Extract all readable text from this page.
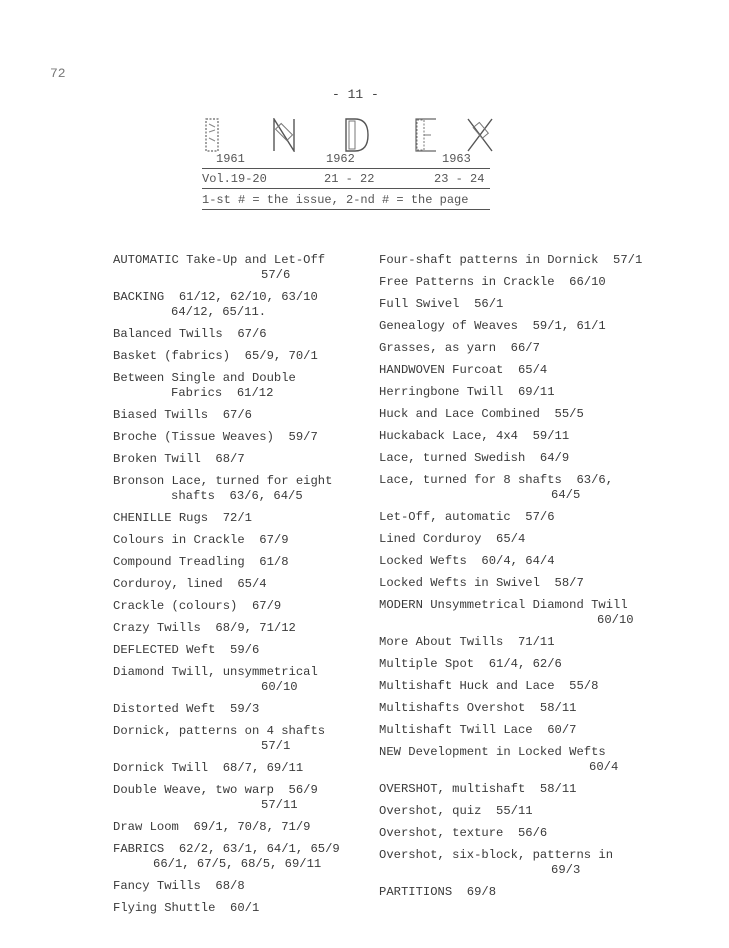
72
- 11 -
1961	1962	1963
Vol.19-20	21 - 22	23 - 24
1-st # = the issue, 2-nd # = the page
AUTOMATIC Take-Up and Let-Off
57/6
BACKING  61/12, 62/10, 63/10
64/12, 65/11.
Balanced Twills  67/6
Basket (fabrics)  65/9, 70/1
Between Single and Double
Fabrics  61/12
Biased Twills  67/6
Broche (Tissue Weaves)  59/7
Broken Twill  68/7
Bronson Lace, turned for eight
shafts  63/6, 64/5
CHENILLE Rugs  72/1
Colours in Crackle  67/9
Compound Treadling  61/8
Corduroy, lined  65/4
Crackle (colours)  67/9
Crazy Twills  68/9, 71/12
DEFLECTED Weft  59/6
Diamond Twill, unsymmetrical
60/10
Distorted Weft  59/3
Dornick, patterns on 4 shafts
57/1
Dornick Twill  68/7, 69/11
Double Weave, two warp  56/9
57/11
Draw Loom  69/1, 70/8, 71/9
FABRICS  62/2, 63/1, 64/1, 65/9
66/1, 67/5, 68/5, 69/11
Fancy Twills  68/8
Flying Shuttle  60/1
Four-shaft patterns in Dornick  57/1
Free Patterns in Crackle  66/10
Full Swivel  56/1
Genealogy of Weaves  59/1, 61/1
Grasses, as yarn  66/7
HANDWOVEN Furcoat  65/4
Herringbone Twill  69/11
Huck and Lace Combined  55/5
Huckaback Lace, 4x4  59/11
Lace, turned Swedish  64/9
Lace, turned for 8 shafts  63/6,
64/5
Let-Off, automatic  57/6
Lined Corduroy  65/4
Locked Wefts  60/4, 64/4
Locked Wefts in Swivel  58/7
MODERN Unsymmetrical Diamond Twill
60/10
More About Twills  71/11
Multiple Spot  61/4, 62/6
Multishaft Huck and Lace  55/8
Multishafts Overshot  58/11
Multishaft Twill Lace  60/7
NEW Development in Locked Wefts
60/4
OVERSHOT, multishaft  58/11
Overshot, quiz  55/11
Overshot, texture  56/6
Overshot, six-block, patterns in
69/3
PARTITIONS  69/8
